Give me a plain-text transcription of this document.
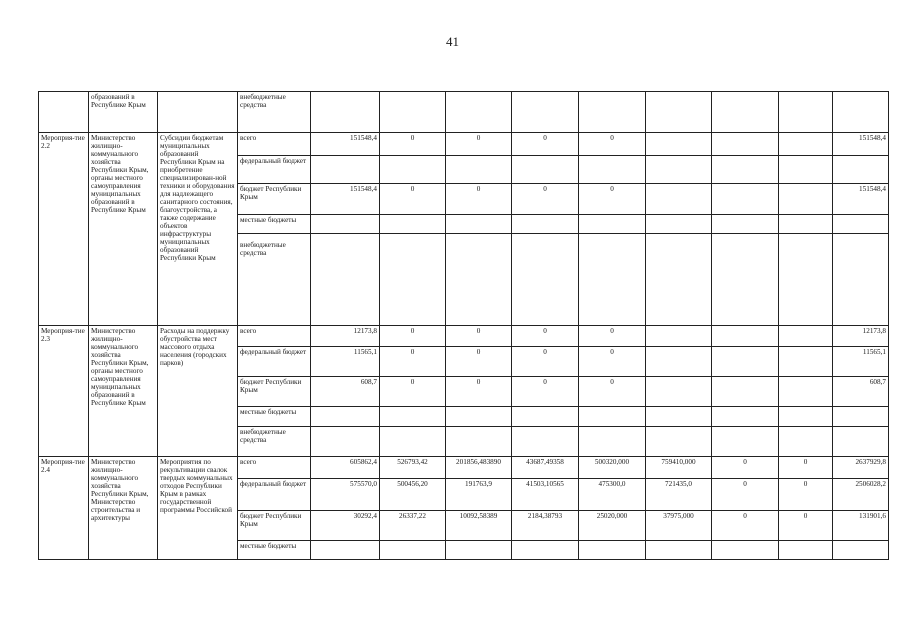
41
	образований в Республике Крым		внебюджетные средства									
Мероприя-тие 2.2	Министерство жилищно-коммунального хозяйства Республики Крым, органы местного самоуправления муниципальных образований в Республике Крым	Субсидии бюджетам муниципальных образований Республики Крым на приобретение специализирован-ной техники и оборудования для надлежащего санитарного состояния, благоустройства, а также содержание объектов инфраструктуры муниципальных образований Республики Крым	всего	151548,4	0	0	0	0				151548,4
			федеральный бюджет									
			бюджет Республики Крым	151548,4	0	0	0	0				151548,4
			местные бюджеты									

			внебюджетные средства									

Мероприя-тие 2.3	Министерство жилищно-коммунального хозяйства Республики Крым, органы местного самоуправления муниципальных образований в Республике Крым	Расходы на поддержку обустройства мест массового отдыха населения (городских парков)	всего	12173,8	0	0	0	0				12173,8
			федеральный бюджет	11565,1	0	0	0	0				11565,1
			бюджет Республики Крым	608,7	0	0	0	0				608,7
			местные бюджеты									
			внебюджетные средства									
Мероприя-тие 2.4	Министерство жилищно-коммунального хозяйства Республики Крым, Министерство строительства и архитектуры	Мероприятия по рекультивации свалок твердых коммунальных отходов Республики Крым в рамках государственной программы Российской	всего	605862,4	526793,42	201856,483890	43687,49358	500320,000	759410,000	0	0	2637929,8
			федеральный бюджет	575570,0	500456,20	191763,9	41503,10565	475300,0	721435,0	0	0	2506028,2
			бюджет Республики Крым	30292,4	26337,22	10092,58389	2184,38793	25020,000	37975,000	0	0	131901,6
			местные бюджеты									
